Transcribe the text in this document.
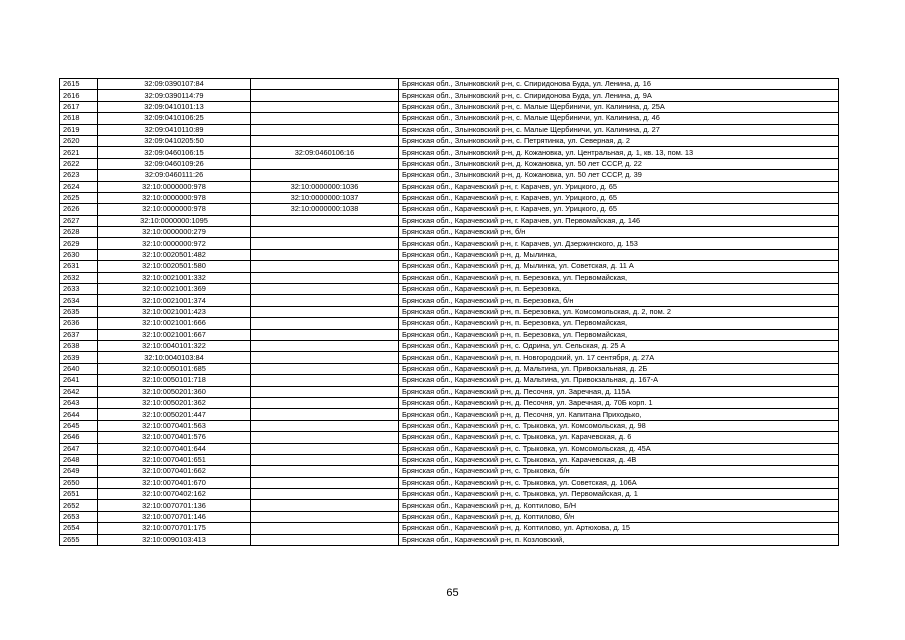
2615	32:09:0390107:84		Брянская обл., Злынковский р-н, с. Спиридонова Буда, ул. Ленина, д. 16
2616	32:09:0390114:79		Брянская обл., Злынковский р-н, с. Спиридонова Буда, ул. Ленина, д. 9А
2617	32:09:0410101:13		Брянская обл., Злынковский р-н, с. Малые Щербиничи, ул. Калинина, д. 25А
2618	32:09:0410106:25		Брянская обл., Злынковский р-н, с. Малые Щербиничи, ул. Калинина, д. 46
2619	32:09:0410110:89		Брянская обл., Злынковский р-н, с. Малые Щербиничи, ул. Калинина, д. 27
2620	32:09:0410205:50		Брянская обл., Злынковский р-н, с. Петрятинка, ул. Северная, д. 2
2621	32:09:0460106:15	32:09:0460106:16	Брянская обл., Злынковский р-н, д. Кожановка, ул. Центральная, д. 1, кв. 13, пом. 13
2622	32:09:0460109:26		Брянская обл., Злынковский р-н, д. Кожановка, ул. 50 лет СССР, д. 22
2623	32:09:0460111:26		Брянская обл., Злынковский р-н, д. Кожановка, ул. 50 лет СССР, д. 39
2624	32:10:0000000:978	32:10:0000000:1036	Брянская обл., Карачевский р-н, г. Карачев, ул. Урицкого, д. 65
2625	32:10:0000000:978	32:10:0000000:1037	Брянская обл., Карачевский р-н, г. Карачев, ул. Урицкого, д. 65
2626	32:10:0000000:978	32:10:0000000:1038	Брянская обл., Карачевский р-н, г. Карачев, ул. Урицкого, д. 65
2627	32:10:0000000:1095		Брянская обл., Карачевский р-н, г. Карачев, ул. Первомайская, д. 146
2628	32:10:0000000:279		Брянская обл., Карачевский р-н, б/н
2629	32:10:0000000:972		Брянская обл., Карачевский р-н, г. Карачев, ул. Дзержинского, д. 153
2630	32:10:0020501:482		Брянская обл., Карачевский р-н, д. Мылинка,
2631	32:10:0020501:580		Брянская обл., Карачевский р-н, д. Мылинка, ул. Советская, д. 11 А
2632	32:10:0021001:332		Брянская обл., Карачевский р-н, п. Березовка, ул. Первомайская,
2633	32:10:0021001:369		Брянская обл., Карачевский р-н, п. Березовка,
2634	32:10:0021001:374		Брянская обл., Карачевский р-н, п. Березовка, б/н
2635	32:10:0021001:423		Брянская обл., Карачевский р-н, п. Березовка, ул. Комсомольская, д. 2, пом. 2
2636	32:10:0021001:666		Брянская обл., Карачевский р-н, п. Березовка, ул. Первомайская,
2637	32:10:0021001:667		Брянская обл., Карачевский р-н, п. Березовка, ул. Первомайская,
2638	32:10:0040101:322		Брянская обл., Карачевский р-н, с. Одрина, ул. Сельская, д. 25 А
2639	32:10:0040103:84		Брянская обл., Карачевский р-н, п. Новгородский, ул. 17 сентября, д. 27А
2640	32:10:0050101:685		Брянская обл., Карачевский р-н, д. Мальтина, ул. Привокзальная, д. 2Б
2641	32:10:0050101:718		Брянская обл., Карачевский р-н, д. Мальтина, ул. Привокзальная, д. 167-А
2642	32:10:0050201:360		Брянская обл., Карачевский р-н, д. Песочня, ул. Заречная, д. 115А
2643	32:10:0050201:362		Брянская обл., Карачевский р-н, д. Песочня, ул. Заречная, д. 70Б корп. 1
2644	32:10:0050201:447		Брянская обл., Карачевский р-н, д. Песочня, ул. Капитана Приходько,
2645	32:10:0070401:563		Брянская обл., Карачевский р-н, с. Трыковка, ул. Комсомольская, д. 98
2646	32:10:0070401:576		Брянская обл., Карачевский р-н, с. Трыковка, ул. Карачевская, д. 6
2647	32:10:0070401:644		Брянская обл., Карачевский р-н, с. Трыковка, ул. Комсомольская, д. 45А
2648	32:10:0070401:651		Брянская обл., Карачевский р-н, с. Трыковка, ул. Карачевская, д. 4В
2649	32:10:0070401:662		Брянская обл., Карачевский р-н, с. Трыковка, б/н
2650	32:10:0070401:670		Брянская обл., Карачевский р-н, с. Трыковка, ул. Советская, д. 106А
2651	32:10:0070402:162		Брянская обл., Карачевский р-н, с. Трыковка, ул. Первомайская, д. 1
2652	32:10:0070701:136		Брянская обл., Карачевский р-н, д. Коптилово, Б/Н
2653	32:10:0070701:146		Брянская обл., Карачевский р-н, д. Коптилово, б/н
2654	32:10:0070701:175		Брянская обл., Карачевский р-н, д. Коптилово, ул. Артюхова, д. 15
2655	32:10:0090103:413		Брянская обл., Карачевский р-н, п. Козловский,
65
